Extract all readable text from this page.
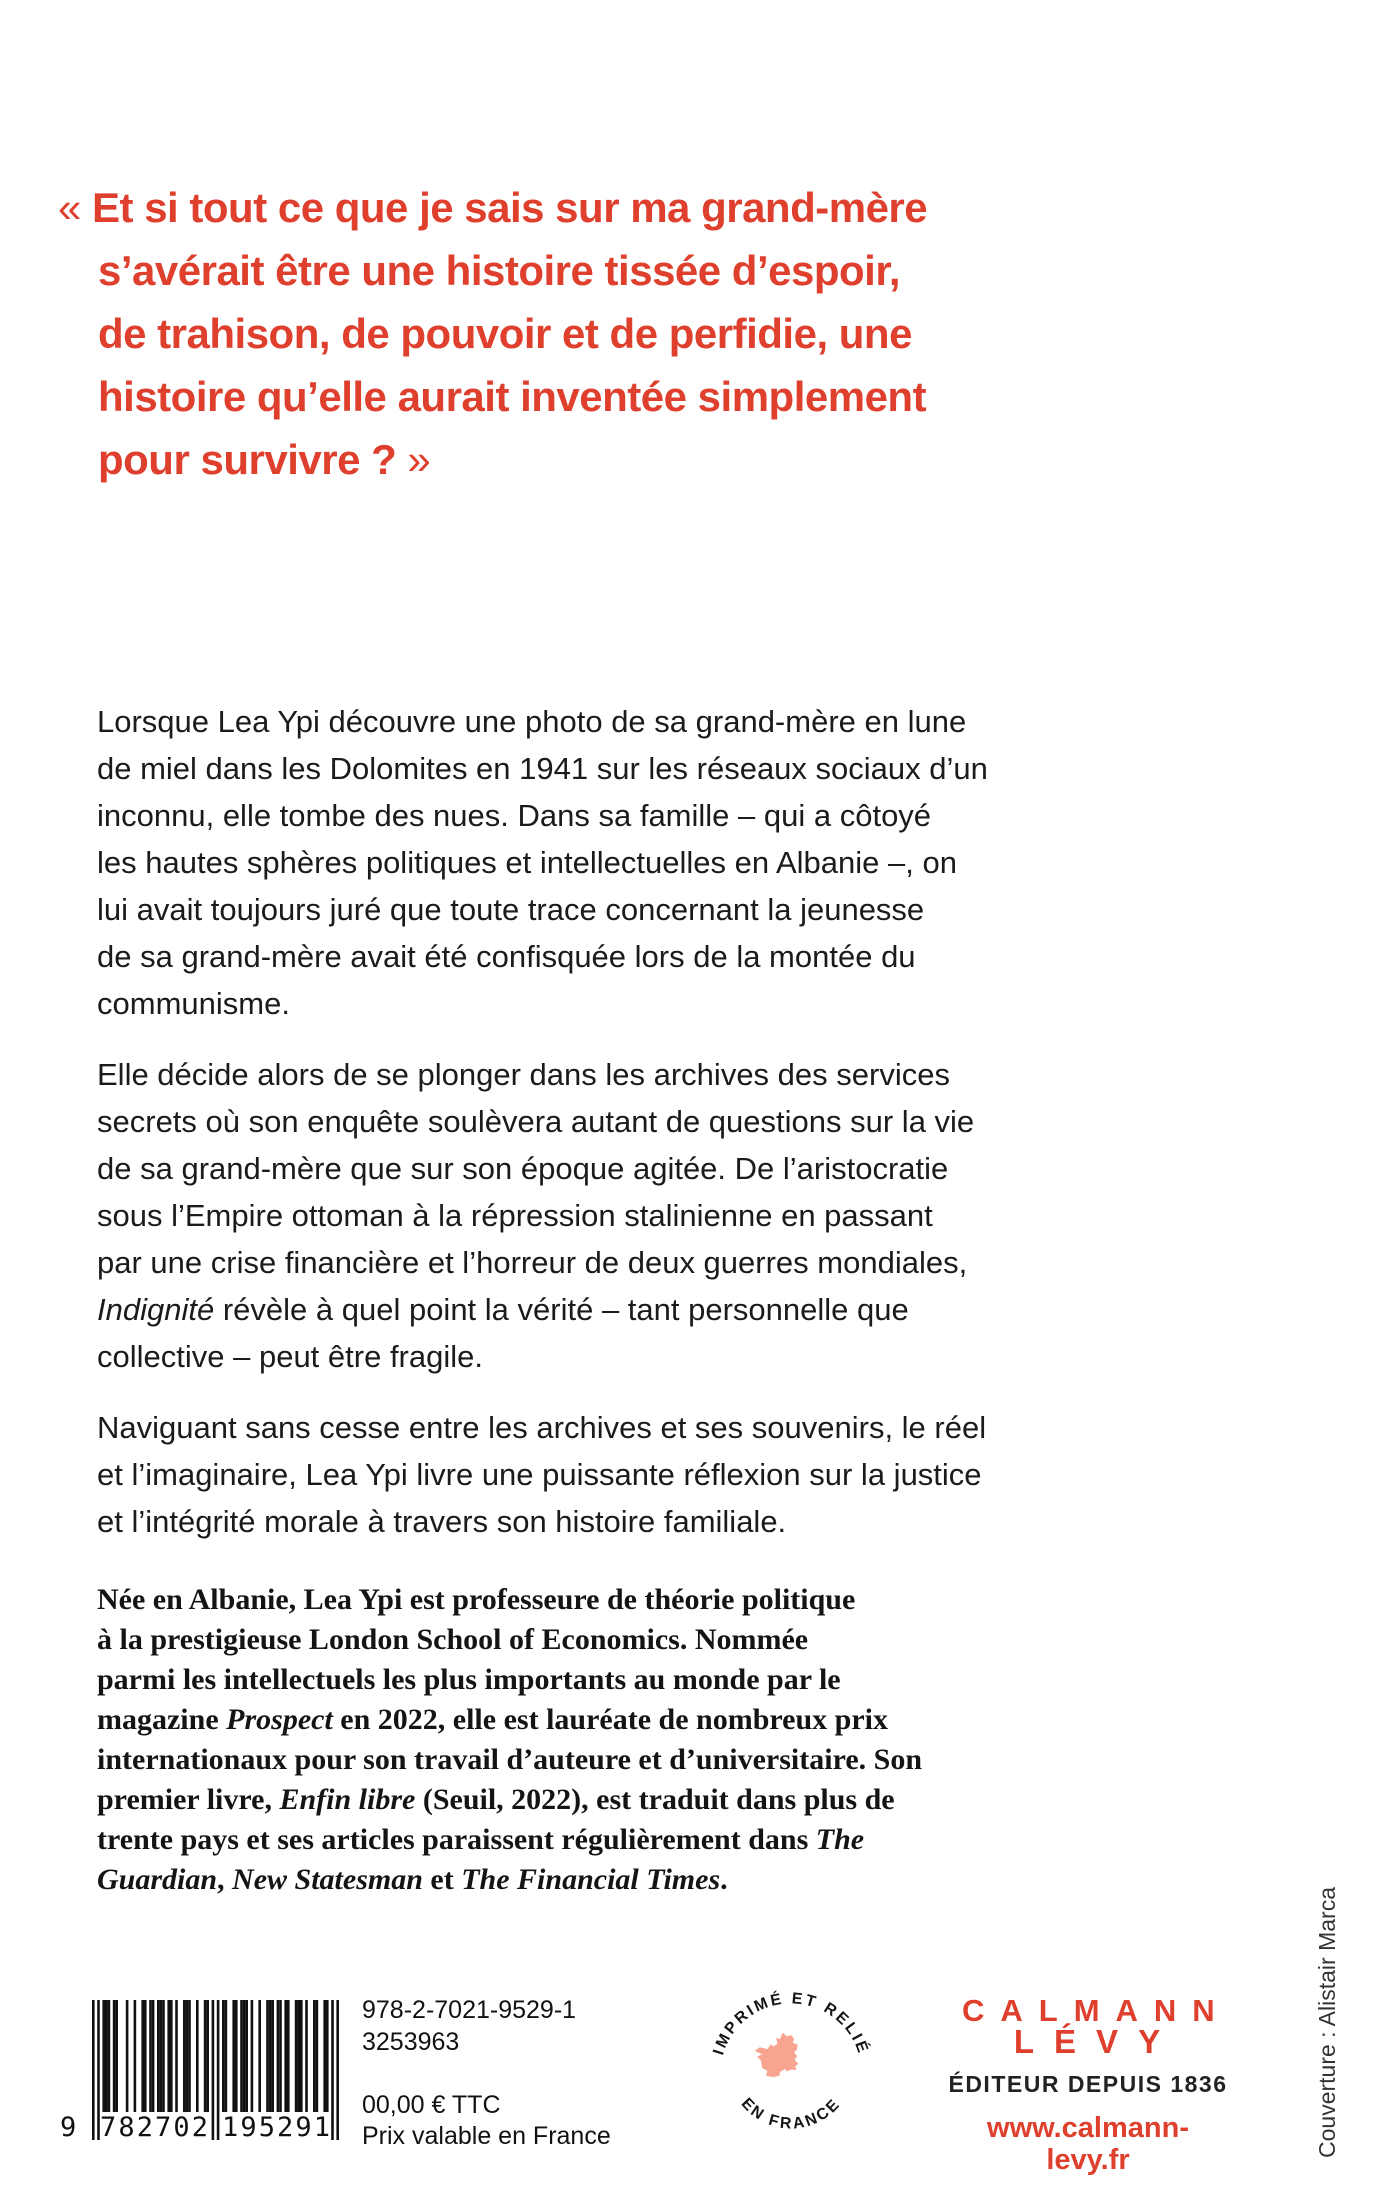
« Et si tout ce que je sais sur ma grand-mère
s’avérait être une histoire tissée d’espoir,
de trahison, de pouvoir et de perfidie, une
histoire qu’elle aurait inventée simplement
pour survivre ? »
Lorsque Lea Ypi découvre une photo de sa grand-mère en lune
de miel dans les Dolomites en 1941 sur les réseaux sociaux d’un
inconnu, elle tombe des nues. Dans sa famille – qui a côtoyé
les hautes sphères politiques et intellectuelles en Albanie –, on
lui avait toujours juré que toute trace concernant la jeunesse
de sa grand-mère avait été confisquée lors de la montée du
communisme.
Elle décide alors de se plonger dans les archives des services
secrets où son enquête soulèvera autant de questions sur la vie
de sa grand-mère que sur son époque agitée. De l’aristocratie
sous l’Empire ottoman à la répression stalinienne en passant
par une crise financière et l’horreur de deux guerres mondiales,
Indignité révèle à quel point la vérité – tant personnelle que
collective – peut être fragile.
Naviguant sans cesse entre les archives et ses souvenirs, le réel
et l’imaginaire, Lea Ypi livre une puissante réflexion sur la justice
et l’intégrité morale à travers son histoire familiale.
Née en Albanie, Lea Ypi est professeure de théorie politique
à la prestigieuse London School of Economics. Nommée
parmi les intellectuels les plus importants au monde par le
magazine Prospect en 2022, elle est lauréate de nombreux prix
internationaux pour son travail d’auteure et d’universitaire. Son
premier livre, Enfin libre (Seuil, 2022), est traduit dans plus de
trente pays et ses articles paraissent régulièrement dans The
Guardian, New Statesman et The Financial Times.
9 7 8 2 7 0 2 1 9 5 2 9 1
978-2-7021-9529-1
3253963
00,00 € TTC
Prix valable en France
IMPRIMÉ ET RELIÉ
EN FRANCE
CALMANN
LÉVY
ÉDITEUR DEPUIS 1836
www.calmann-levy.fr
Couverture : Alistair Marca
